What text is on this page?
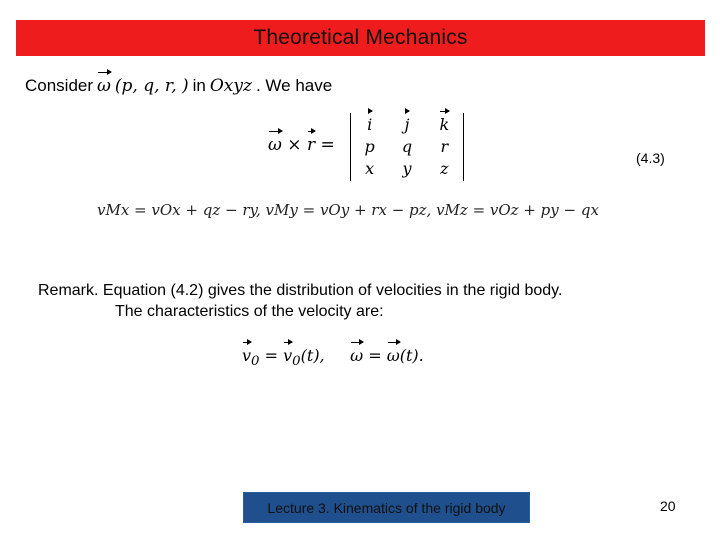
Theoretical Mechanics
Consider ω (p, q, r, ) in Oxyz . We have
ω × r =
i j k
p	q	r
x	y	z
(4.3)
vMx = vOx + qz − ry, vMy = vOy + rx − pz, vMz = vOz + py − qx
Remark. Equation (4.2) gives the distribution of velocities in the rigid body.
The characteristics of the velocity are:
$v_0 = v_0(t)$, ω = ω(t).
Lecture 3. Kinematics of the rigid body	20
